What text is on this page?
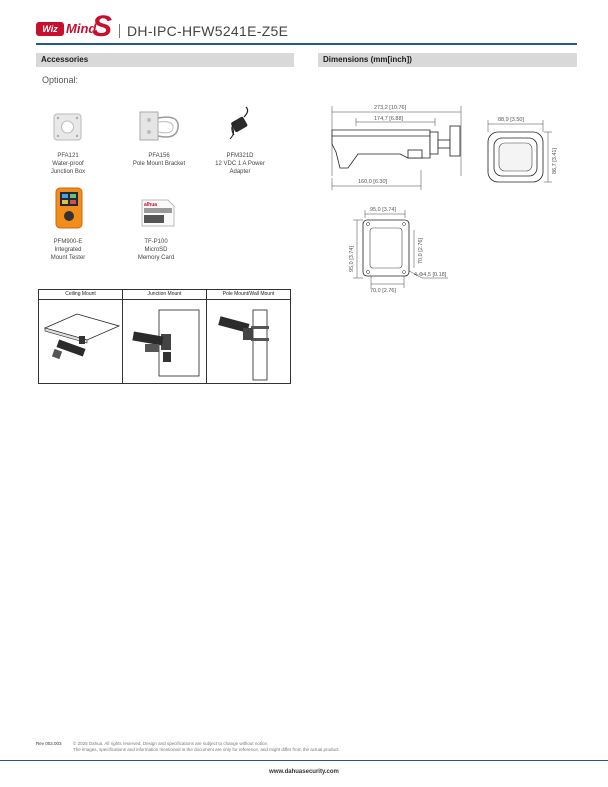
Wiz Mind
S DH-IPC-HFW5241E-Z5E
Accessories	Dimensions (mm[inch])
Optional:
alhua
PFA121
Water-proof
Junction Box
PFA156
Pole Mount Bracket
PFM321D
12 VDC 1 A Power
Adapter
PFM900-E
Integrated
Mount Tester
TF-P100
MicroSD
Memory Card
Ceiling Mount	Junction Mount	Pole Mount/Wall Mount
273,2 [10.76]
174,7 [6.88]
160,0 [6.30]
88,9 [3.50]
86,7 [3.41]
95,0 [3.74]
95,0 [3.74]	70,0 [2.76]
70,0 [2.76]
4-Φ4,5 [0.18]
Rev 002.003	© 2025 Dahua. All rights reserved. Design and specifications are subject to change without notice.
The images, specifications and information mentioned in the document are only for reference, and might differ from the actual product.
www.dahuasecurity.com
